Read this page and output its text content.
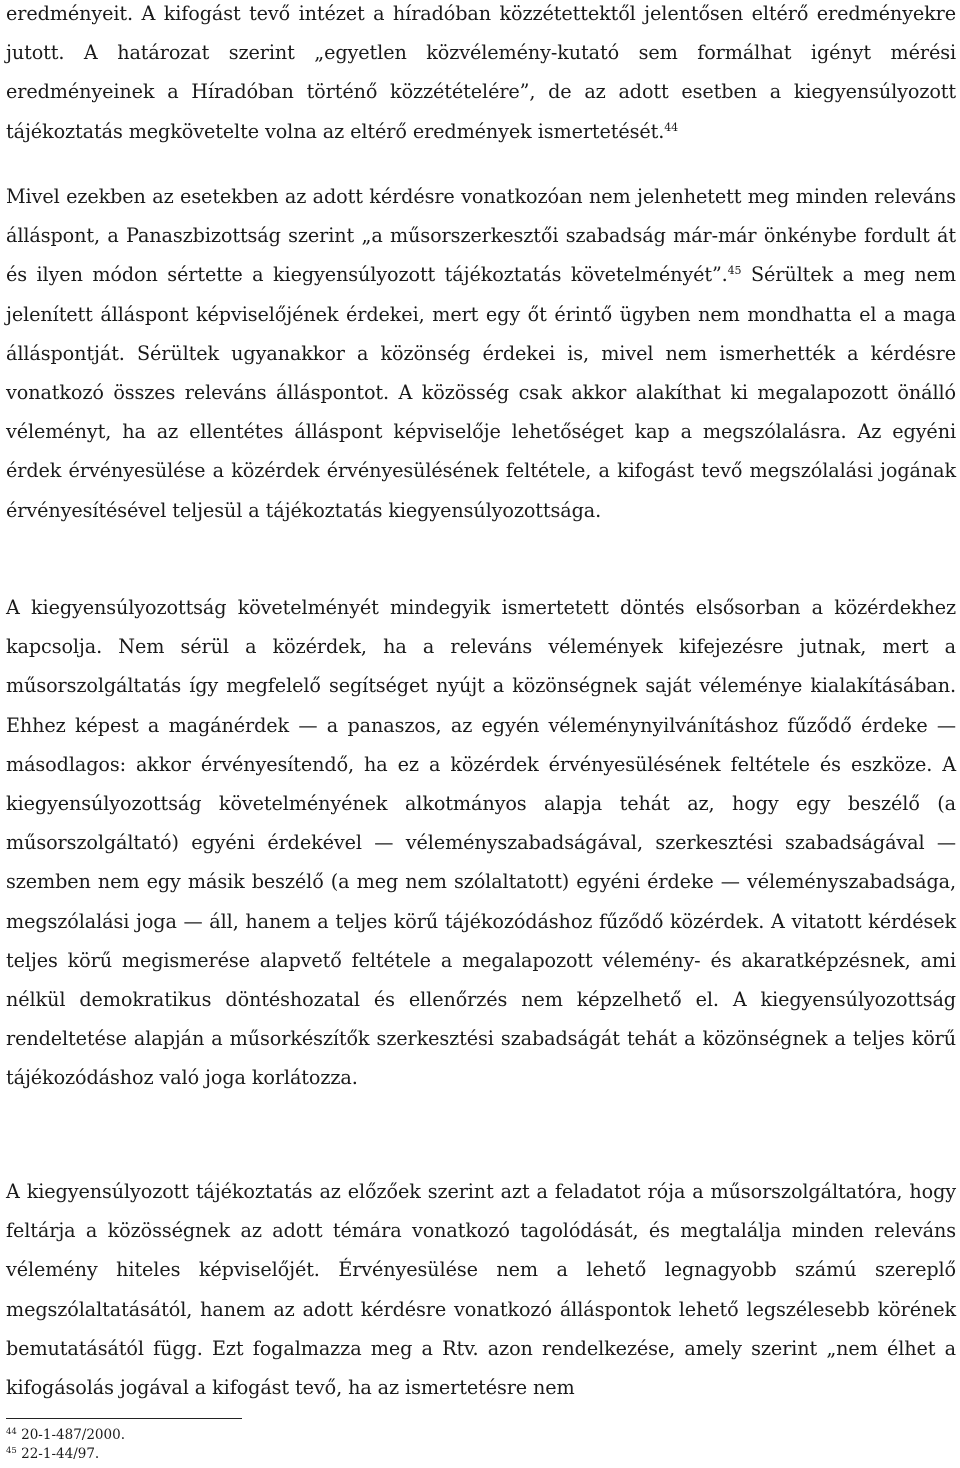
eredményeit. A kifogást tevő intézet a híradóban közzétettektől jelentősen eltérő eredményekre jutott. A határozat szerint „egyetlen közvélemény-kutató sem formálhat igényt mérési eredményeinek a Híradóban történő közzétételére”, de az adott esetben a kiegyensúlyozott tájékoztatás megkövetelte volna az eltérő eredmények ismertetését.$^{44}$

Mivel ezekben az esetekben az adott kérdésre vonatkozóan nem jelenhetett meg minden releváns álláspont, a Panaszbizottság szerint „a műsorszerkesztői szabadság már-már önkénybe fordult át és ilyen módon sértette a kiegyensúlyozott tájékoztatás követelményét”.$^{45}$ Sérültek a meg nem jelenített álláspont képviselőjének érdekei, mert egy őt érintő ügyben nem mondhatta el a maga álláspontját. Sérültek ugyanakkor a közönség érdekei is, mivel nem ismerhették a kérdésre vonatkozó összes releváns álláspontot. A közösség csak akkor alakíthat ki megalapozott önálló véleményt, ha az ellentétes álláspont képviselője lehetőséget kap a megszólalásra. Az egyéni érdek érvényesülése a közérdek érvényesülésének feltétele, a kifogást tevő megszólalási jogának érvényesítésével teljesül a tájékoztatás kiegyensúlyozottsága.

A kiegyensúlyozottság követelményét mindegyik ismertetett döntés elsősorban a közérdekhez kapcsolja. Nem sérül a közérdek, ha a releváns vélemények kifejezésre jutnak, mert a műsorszolgáltatás így megfelelő segítséget nyújt a közönségnek saját véleménye kialakításában. Ehhez képest a magánérdek — a panaszos, az egyén véleménynyilvánításhoz fűződő érdeke — másodlagos: akkor érvényesítendő, ha ez a közérdek érvényesülésének feltétele és eszköze. A kiegyensúlyozottság követelményének alkotmányos alapja tehát az, hogy egy beszélő (a műsorszolgáltató) egyéni érdekével — véleményszabadságával, szerkesztési szabadságával — szemben nem egy másik beszélő (a meg nem szólaltatott) egyéni érdeke — véleményszabadsága, megszólalási joga — áll, hanem a teljes körű tájékozódáshoz fűződő közérdek. A vitatott kérdések teljes körű megismerése alapvető feltétele a megalapozott vélemény- és akaratképzésnek, ami nélkül demokratikus döntéshozatal és ellenőrzés nem képzelhető el. A kiegyensúlyozottság rendeltetése alapján a műsorkészítők szerkesztési szabadságát tehát a közönségnek a teljes körű tájékozódáshoz való joga korlátozza.

A kiegyensúlyozott tájékoztatás az előzőek szerint azt a feladatot rója a műsorszolgáltatóra, hogy feltárja a közösségnek az adott témára vonatkozó tagolódását, és megtalálja minden releváns vélemény hiteles képviselőjét. Érvényesülése nem a lehető legnagyobb számú szereplő megszólaltatásától, hanem az adott kérdésre vonatkozó álláspontok lehető legszélesebb körének bemutatásától függ. Ezt fogalmazza meg a Rtv. azon rendelkezése, amely szerint „nem élhet a kifogásolás jogával a kifogást tevő, ha az ismertetésre nem

$^{44}$ 20-1-487/2000.
$^{45}$ 22-1-44/97.
